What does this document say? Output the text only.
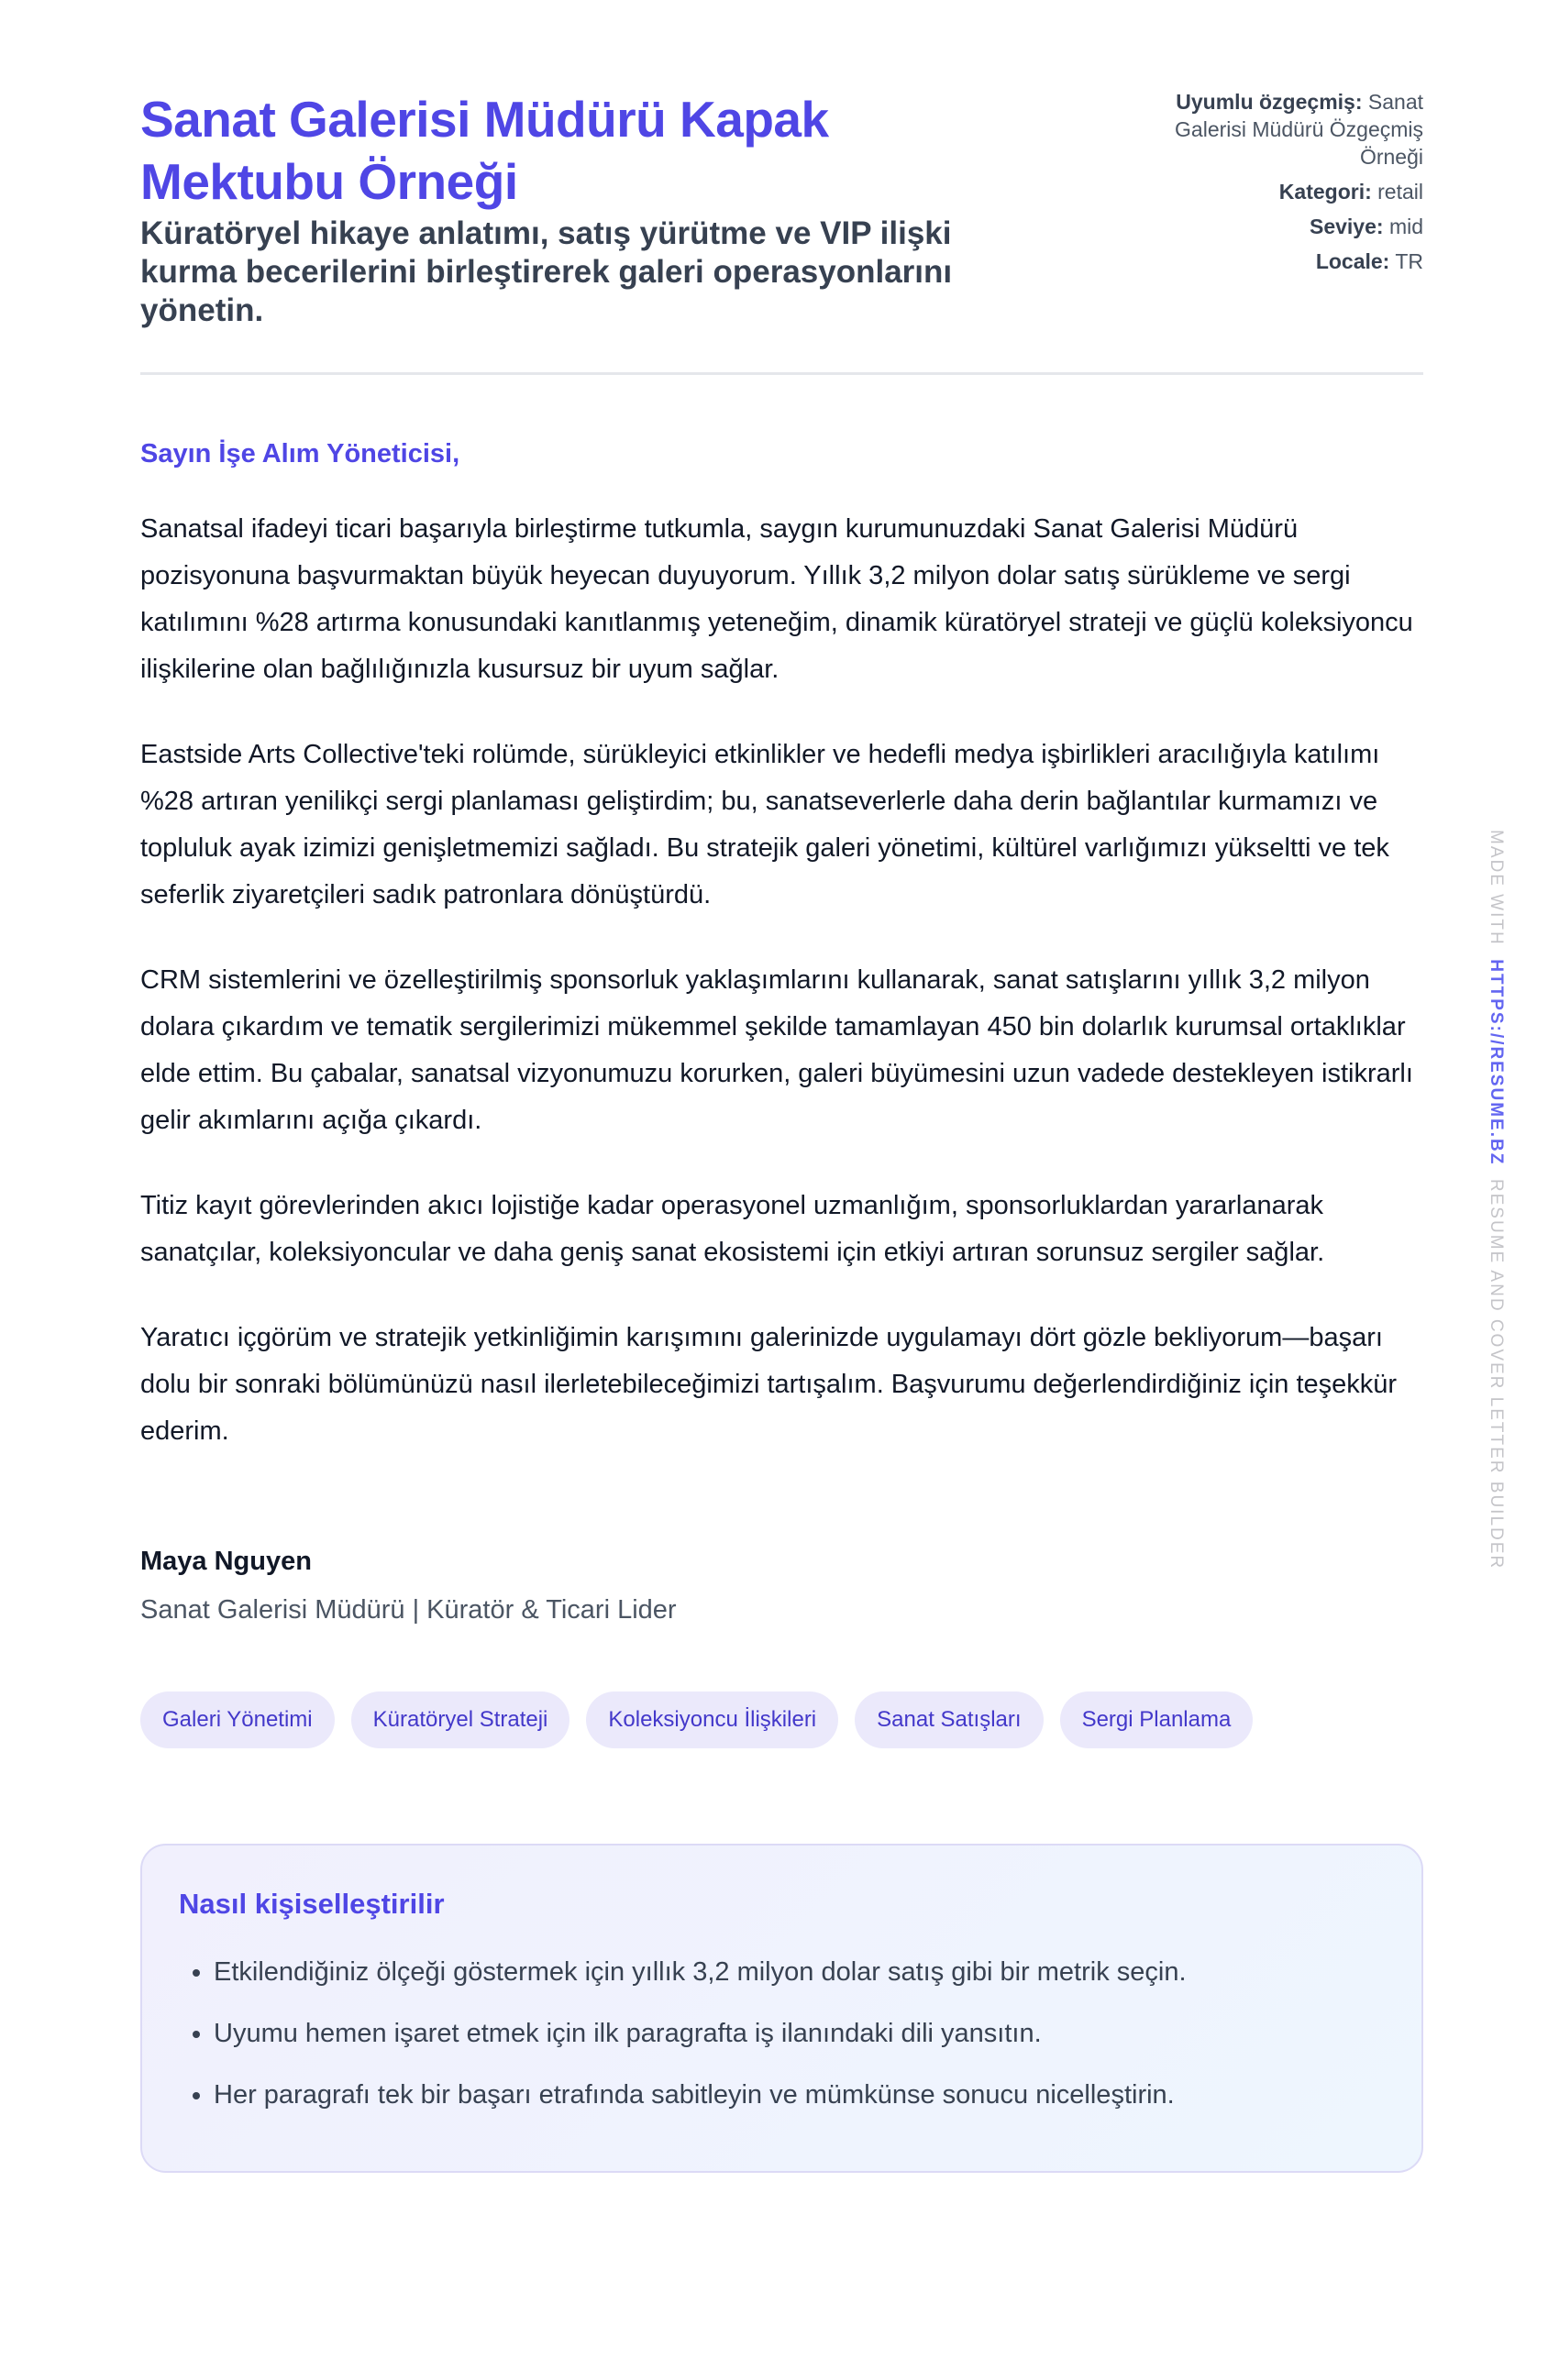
Sanat Galerisi Müdürü Kapak Mektubu Örneği
Küratöryel hikaye anlatımı, satış yürütme ve VIP ilişki kurma becerilerini birleştirerek galeri operasyonlarını yönetin.
Uyumlu özgeçmiş: Sanat Galerisi Müdürü Özgeçmiş Örneği
Kategori: retail
Seviye: mid
Locale: TR
Sayın İşe Alım Yöneticisi,

Sanatsal ifadeyi ticari başarıyla birleştirme tutkumla, saygın kurumunuzdaki Sanat Galerisi Müdürü pozisyonuna başvurmaktan büyük heyecan duyuyorum. Yıllık 3,2 milyon dolar satış sürükleme ve sergi katılımını %28 artırma konusundaki kanıtlanmış yeteneğim, dinamik küratöryel strateji ve güçlü koleksiyoncu ilişkilerine olan bağlılığınızla kusursuz bir uyum sağlar.

Eastside Arts Collective'teki rolümde, sürükleyici etkinlikler ve hedefli medya işbirlikleri aracılığıyla katılımı %28 artıran yenilikçi sergi planlaması geliştirdim; bu, sanatseverlerle daha derin bağlantılar kurmamızı ve topluluk ayak izimizi genişletmemizi sağladı. Bu stratejik galeri yönetimi, kültürel varlığımızı yükseltti ve tek seferlik ziyaretçileri sadık patronlara dönüştürdü.

CRM sistemlerini ve özelleştirilmiş sponsorluk yaklaşımlarını kullanarak, sanat satışlarını yıllık 3,2 milyon dolara çıkardım ve tematik sergilerimizi mükemmel şekilde tamamlayan 450 bin dolarlık kurumsal ortaklıklar elde ettim. Bu çabalar, sanatsal vizyonumuzu korurken, galeri büyümesini uzun vadede destekleyen istikrarlı gelir akımlarını açığa çıkardı.

Titiz kayıt görevlerinden akıcı lojistiğe kadar operasyonel uzmanlığım, sponsorluklardan yararlanarak sanatçılar, koleksiyoncular ve daha geniş sanat ekosistemi için etkiyi artıran sorunsuz sergiler sağlar.

Yaratıcı içgörüm ve stratejik yetkinliğimin karışımını galerinizde uygulamayı dört gözle bekliyorum—başarı dolu bir sonraki bölümünüzü nasıl ilerletebileceğimizi tartışalım. Başvurumu değerlendirdiğiniz için teşekkür ederim.

Maya Nguyen
Sanat Galerisi Müdürü | Küratör & Ticari Lider
Galeri Yönetimi	Küratöryel Strateji	Koleksiyoncu İlişkileri	Sanat Satışları	Sergi Planlama
Nasıl kişiselleştirilir
• Etkilendiğiniz ölçeği göstermek için yıllık 3,2 milyon dolar satış gibi bir metrik seçin.
• Uyumu hemen işaret etmek için ilk paragrafta iş ilanındaki dili yansıtın.
• Her paragrafı tek bir başarı etrafında sabitleyin ve mümkünse sonucu nicelleştirin.
MADE WITH  HTTPS://RESUME.BZ  RESUME AND COVER LETTER BUILDER
